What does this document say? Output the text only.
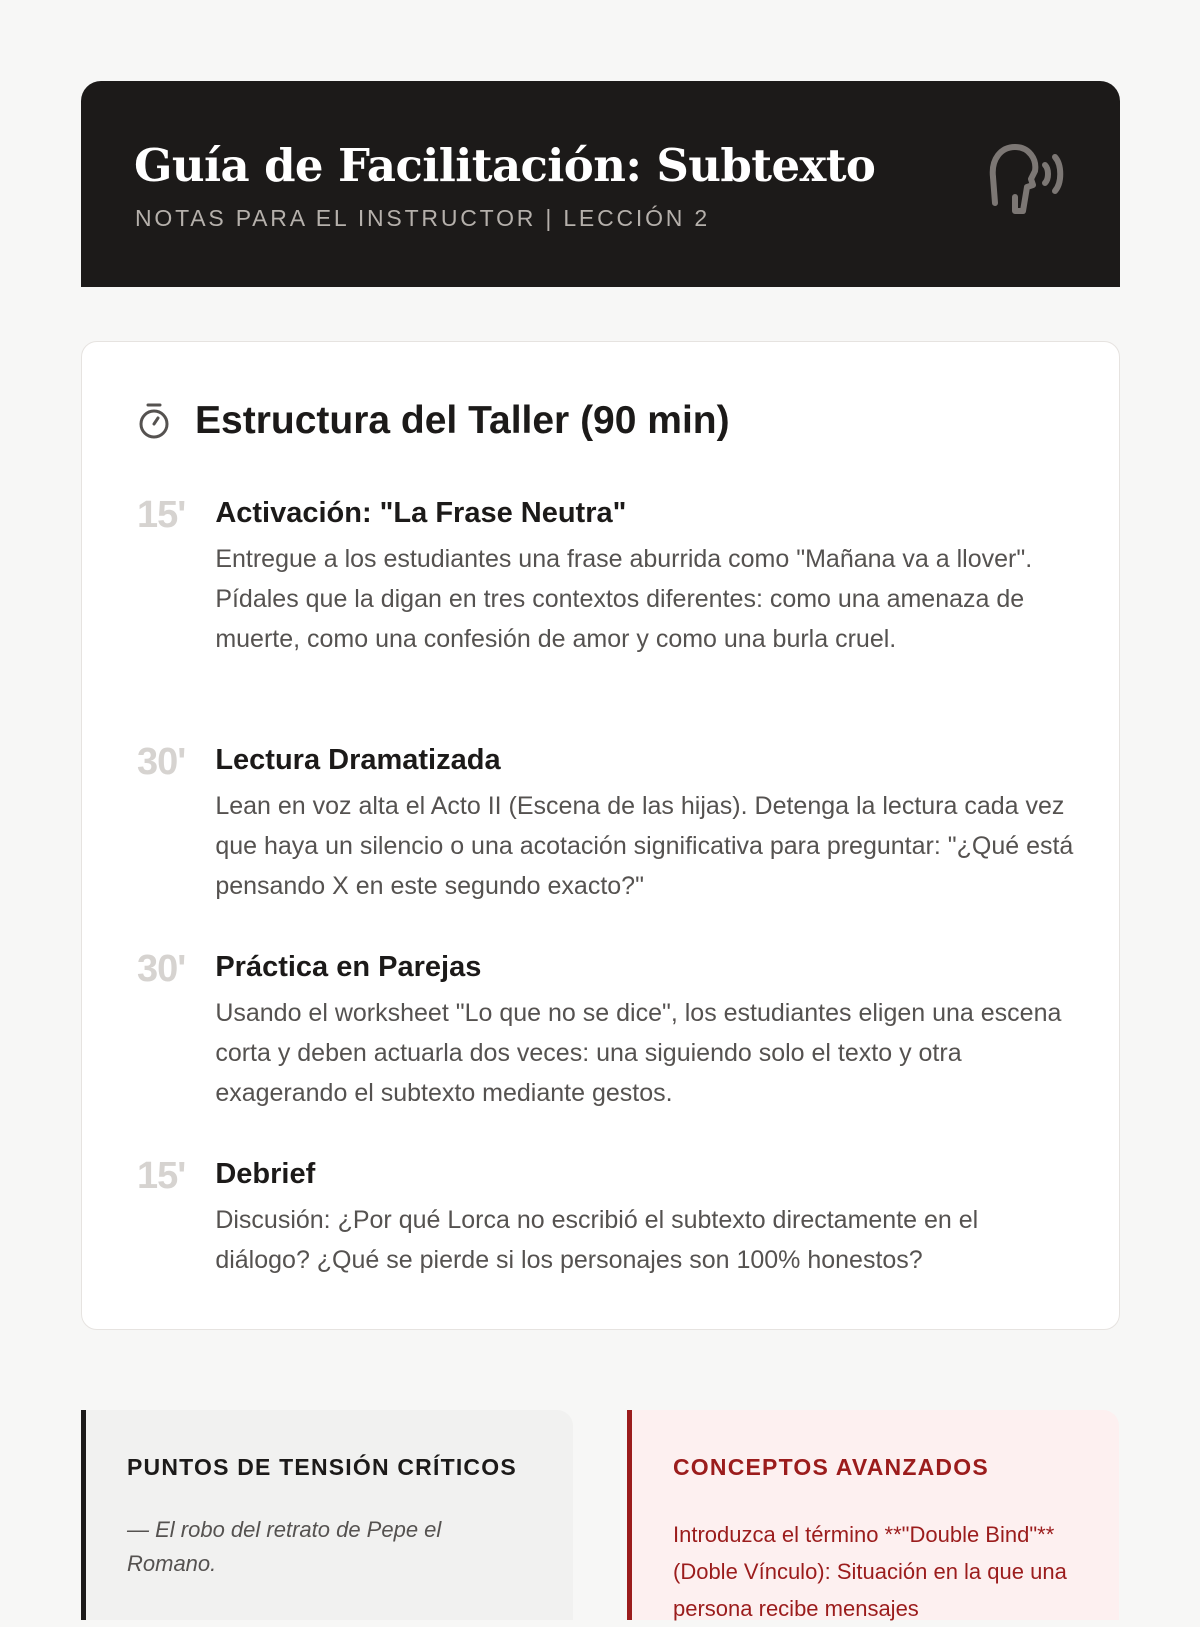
Guía de Facilitación: Subtexto
NOTAS PARA EL INSTRUCTOR | LECCIÓN 2
Estructura del Taller (90 min)
15' Activación: "La Frase Neutra"

Entregue a los estudiantes una frase aburrida como "Mañana va a llover". Pídales que la digan en tres contextos diferentes: como una amenaza de muerte, como una confesión de amor y como una burla cruel.

30' Lectura Dramatizada

Lean en voz alta el Acto II (Escena de las hijas). Detenga la lectura cada vez que haya un silencio o una acotación significativa para preguntar: "¿Qué está pensando X en este segundo exacto?"

30' Práctica en Parejas

Usando el worksheet "Lo que no se dice", los estudiantes eligen una escena corta y deben actuarla dos veces: una siguiendo solo el texto y otra exagerando el subtexto mediante gestos.

15' Debrief

Discusión: ¿Por qué Lorca no escribió el subtexto directamente en el diálogo? ¿Qué se pierde si los personajes son 100% honestos?

PUNTOS DE TENSIÓN CRÍTICOS

— El robo del retrato de Pepe el Romano.

CONCEPTOS AVANZADOS

Introduzca el término **"Double Bind"** (Doble Vínculo): Situación en la que una persona recibe mensajes
